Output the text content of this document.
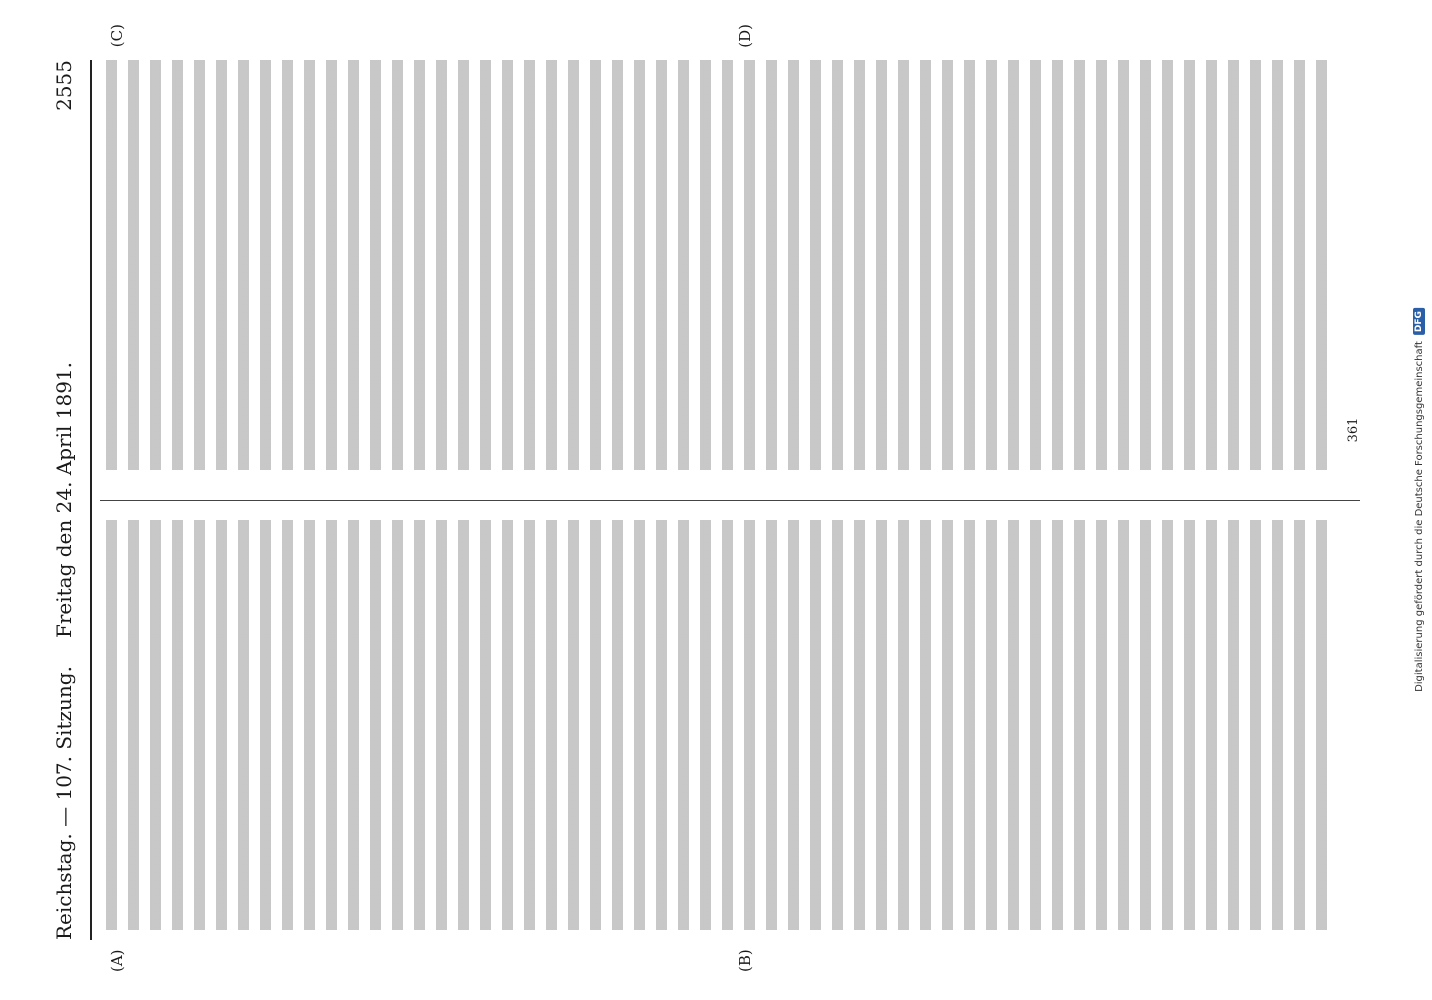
Reichstag. — 107. Sitzung.
Freitag den 24. April 1891.
2555
(A)	(B)
(C)	(D)
361	Digitalisierung gefördert durch die Deutsche Forschungsgemeinschaft
DFG
